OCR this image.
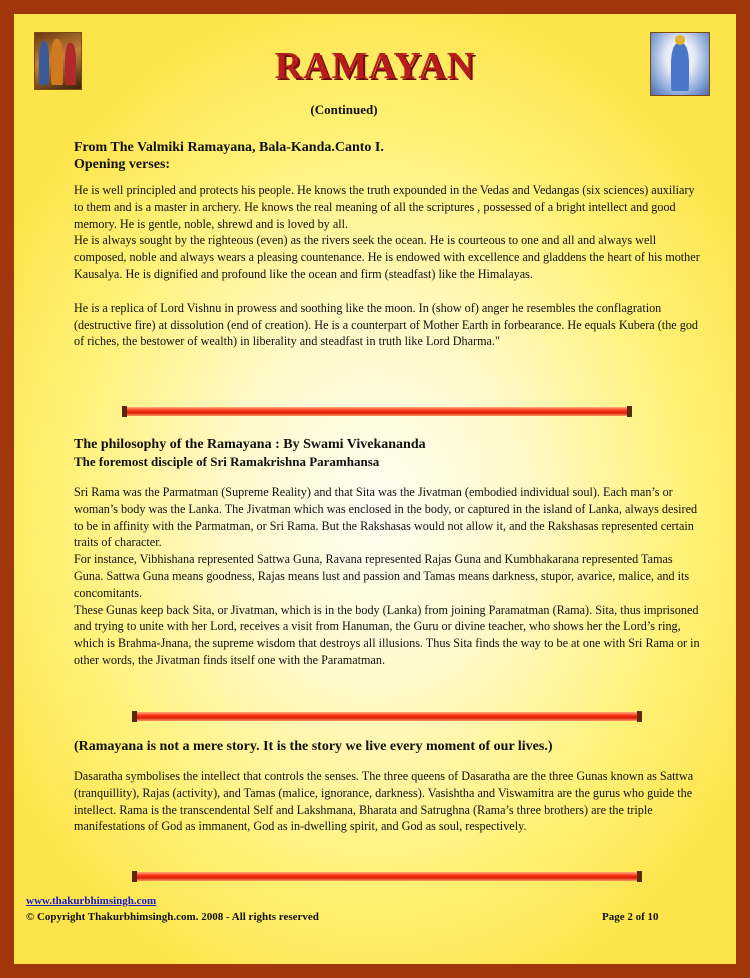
RAMAYAN
(Continued)

From The Valmiki Ramayana, Bala-Kanda.Canto I.

Opening verses:

He is well principled and protects his people. He knows the truth expounded in the Vedas and Vedangas (six sciences) auxiliary to them and is a master in archery. He knows the real meaning of all the scriptures , possessed of a bright intellect and good memory. He is gentle, noble, shrewd and is loved by all.

He is always sought by the righteous (even) as the rivers seek the ocean. He is courteous to one and all and always well composed, noble and always wears a pleasing countenance. He is endowed with excellence and gladdens the heart of his mother Kausalya. He is dignified and profound like the ocean and firm (steadfast) like the Himalayas.

He is a replica of Lord Vishnu in prowess and soothing like the moon. In (show of) anger he resembles the conflagration (destructive fire) at dissolution (end of creation). He is a counterpart of Mother Earth in forbearance. He equals Kubera (the god of riches, the bestower of wealth) in liberality and steadfast in truth like Lord Dharma."

The philosophy of the Ramayana : By Swami Vivekananda

The foremost disciple of Sri Ramakrishna Paramhansa

Sri Rama was the Parmatman (Supreme Reality) and that Sita was the Jivatman (embodied individual soul). Each man’s or woman’s body was the Lanka. The Jivatman which was enclosed in the body, or captured in the island of Lanka, always desired to be in affinity with the Parmatman, or Sri Rama. But the Rakshasas would not allow it, and the Rakshasas represented certain traits of character.

For instance, Vibhishana represented Sattwa Guna, Ravana represented Rajas Guna and Kumbhakarana represented Tamas Guna. Sattwa Guna means goodness, Rajas means lust and passion and Tamas means darkness, stupor, avarice, malice, and its concomitants.

These Gunas keep back Sita, or Jivatman, which is in the body (Lanka) from joining Paramatman (Rama). Sita, thus imprisoned and trying to unite with her Lord, receives a visit from Hanuman, the Guru or divine teacher, who shows her the Lord’s ring, which is Brahma-Jnana, the supreme wisdom that destroys all illusions. Thus Sita finds the way to be at one with Sri Rama or in other words, the Jivatman finds itself one with the Paramatman.

(Ramayana is not a mere story. It is the story we live every moment of our lives.)

Dasaratha symbolises the intellect that controls the senses. The three queens of Dasaratha are the three Gunas known as Sattwa (tranquillity), Rajas (activity), and Tamas (malice, ignorance, darkness). Vasishtha and Viswamitra are the gurus who guide the intellect. Rama is the transcendental Self and Lakshmana, Bharata and Satrughna (Rama’s three brothers) are the triple manifestations of God as immanent, God as in-dwelling spirit, and God as soul, respectively.

www.thakurbhimsingh.com
© Copyright Thakurbhimsingh.com. 2008 - All rights reserved	Page 2 of 10
